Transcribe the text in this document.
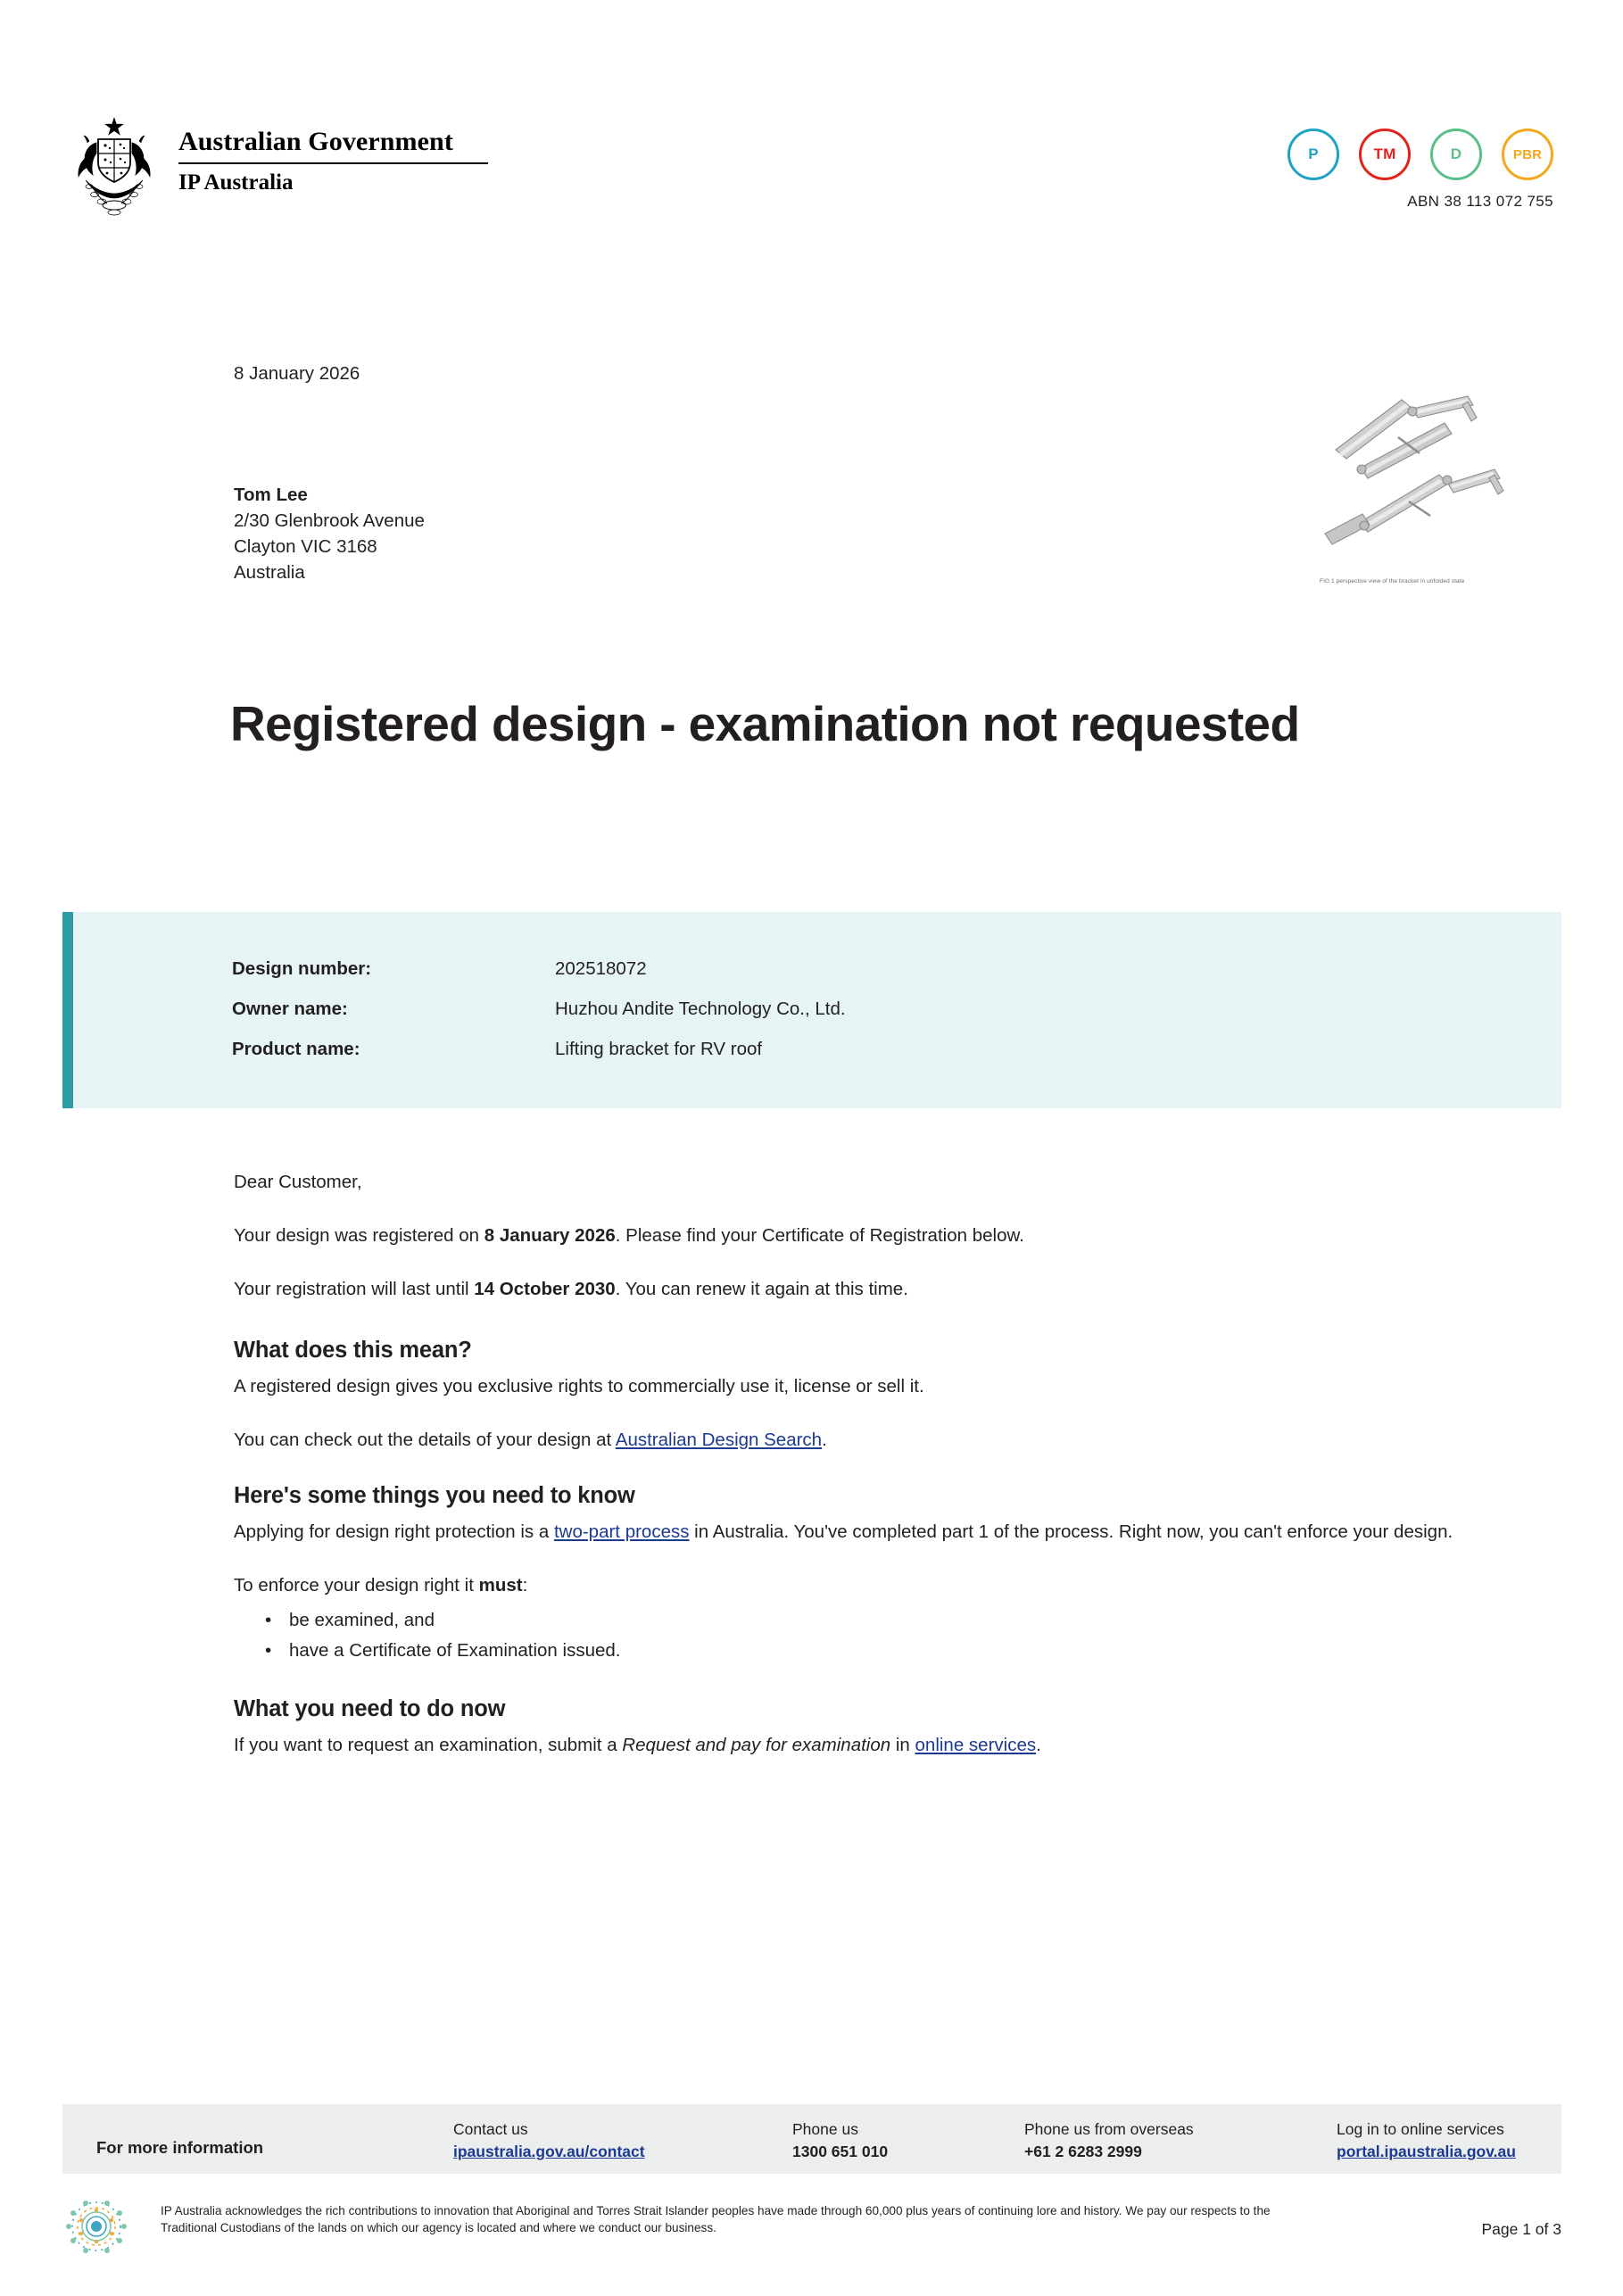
Australian Government
IP Australia
P	TM	D	PBR
ABN 38 113 072 755
8 January 2026
Tom Lee
2/30 Glenbrook Avenue
Clayton VIC 3168
Australia	FIG 1 perspective view of the bracket in unfolded state
Registered design - examination not requested
Design number:	202518072
Owner name:	Huzhou Andite Technology Co., Ltd.
Product name:	Lifting bracket for RV roof

Dear Customer,

Your design was registered on 8 January 2026. Please find your Certificate of Registration below.

Your registration will last until 14 October 2030. You can renew it again at this time.

What does this mean?

A registered design gives you exclusive rights to commercially use it, license or sell it.

You can check out the details of your design at Australian Design Search.

Here's some things you need to know

Applying for design right protection is a two-part process in Australia. You've completed part 1 of the process. Right now, you can't enforce your design.

To enforce your design right it must:

• be examined, and
• have a Certificate of Examination issued.
What you need to do now

If you want to request an examination, submit a Request and pay for examination in online services.

For more information
Contact us
ipaustralia.gov.au/contact
Phone us
1300 651 010
Phone us from overseas
+61 2 6283 2999
Log in to online services
portal.ipaustralia.gov.au
IP Australia acknowledges the rich contributions to innovation that Aboriginal and Torres Strait Islander peoples have made through 60,000 plus years of continuing lore and history. We pay our respects to the Traditional Custodians of the lands on which our agency is located and where we conduct our business.	Page 1 of 3
